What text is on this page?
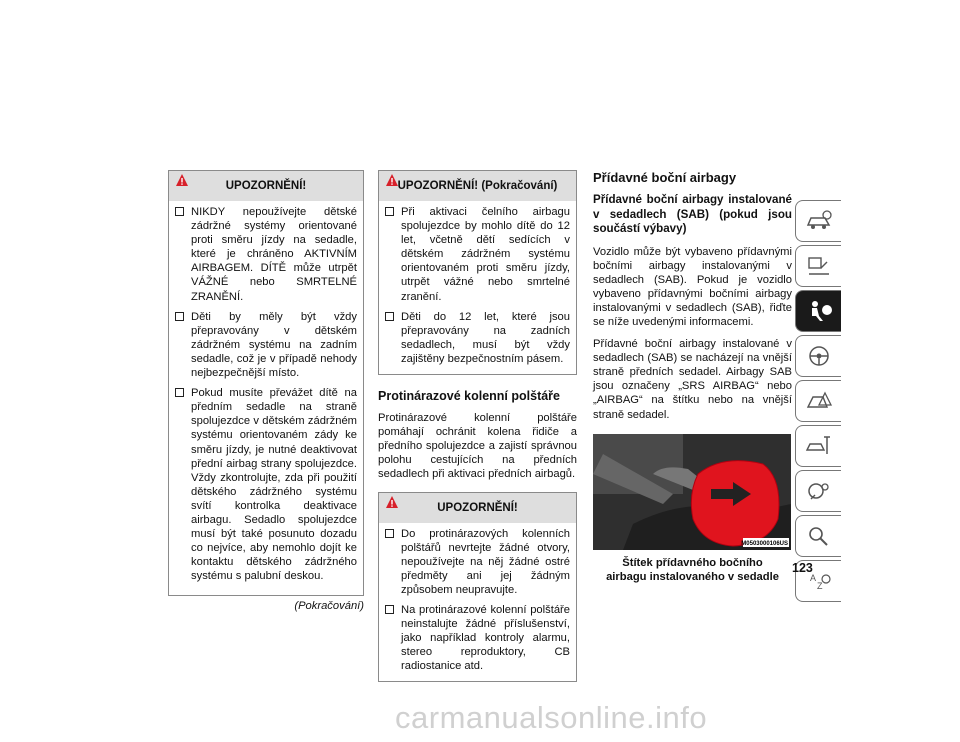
UPOZORNĚNÍ!
NIKDY nepoužívejte dětské zádržné systémy orientované proti směru jízdy na sedadle, které je chráněno AKTIVNÍM AIRBAGEM. DÍTĚ může utrpět VÁŽNÉ nebo SMRTELNÉ ZRANĚNÍ.
Děti by měly být vždy přepravovány v dětském zádržném systému na zadním sedadle, což je v případě nehody nejbezpečnější místo.
Pokud musíte převážet dítě na předním sedadle na straně spolujezdce v dětském zádržném systému orientovaném zády ke směru jízdy, je nutné deaktivovat přední airbag strany spolujezdce. Vždy zkontrolujte, zda při použití dětského zádržného systému svítí kontrolka deaktivace airbagu. Sedadlo spolujezdce musí být také posunuto dozadu co nejvíce, aby nemohlo dojít ke kontaktu dětského zádržného systému s palubní deskou.
(Pokračování)
UPOZORNĚNÍ! (Pokračování)
Při aktivaci čelního airbagu spolujezdce by mohlo dítě do 12 let, včetně dětí sedících v dětském zádržném systému orientovaném proti směru jízdy, utrpět vážné nebo smrtelné zranění.
Děti do 12 let, které jsou přepravovány na zadních sedadlech, musí být vždy zajištěny bezpečnostním pásem.
Protinárazové kolenní polštáře
Protinárazové kolenní polštáře pomáhají ochránit kolena řidiče a předního spolujezdce a zajistí správnou polohu cestujících na předních sedadlech při aktivaci předních airbagů.
UPOZORNĚNÍ!
Do protinárazových kolenních polštářů nevrtejte žádné otvory, nepoužívejte na něj žádné ostré předměty ani jej žádným způsobem neupravujte.
Na protinárazové kolenní polštáře neinstalujte žádné příslušenství, jako například kontroly alarmu, stereo reproduktory, CB radiostanice atd.
Přídavné boční airbagy
Přídavné boční airbagy instalované v sedadlech (SAB) (pokud jsou součástí výbavy)
Vozidlo může být vybaveno přídavnými bočními airbagy instalovanými v sedadlech (SAB). Pokud je vozidlo vybaveno přídavnými bočními airbagy instalovanými v sedadlech (SAB), řiďte se níže uvedenými informacemi.
Přídavné boční airbagy instalované v sedadlech (SAB) se nacházejí na vnější straně předních sedadel. Airbagy SAB jsou označeny „SRS AIRBAG“ nebo „AIRBAG“ na štítku nebo na vnější straně sedadel.
M0503000106US
Štítek přídavného bočního airbagu instalovaného v sedadle	A
Z
123
carmanualsonline.info
